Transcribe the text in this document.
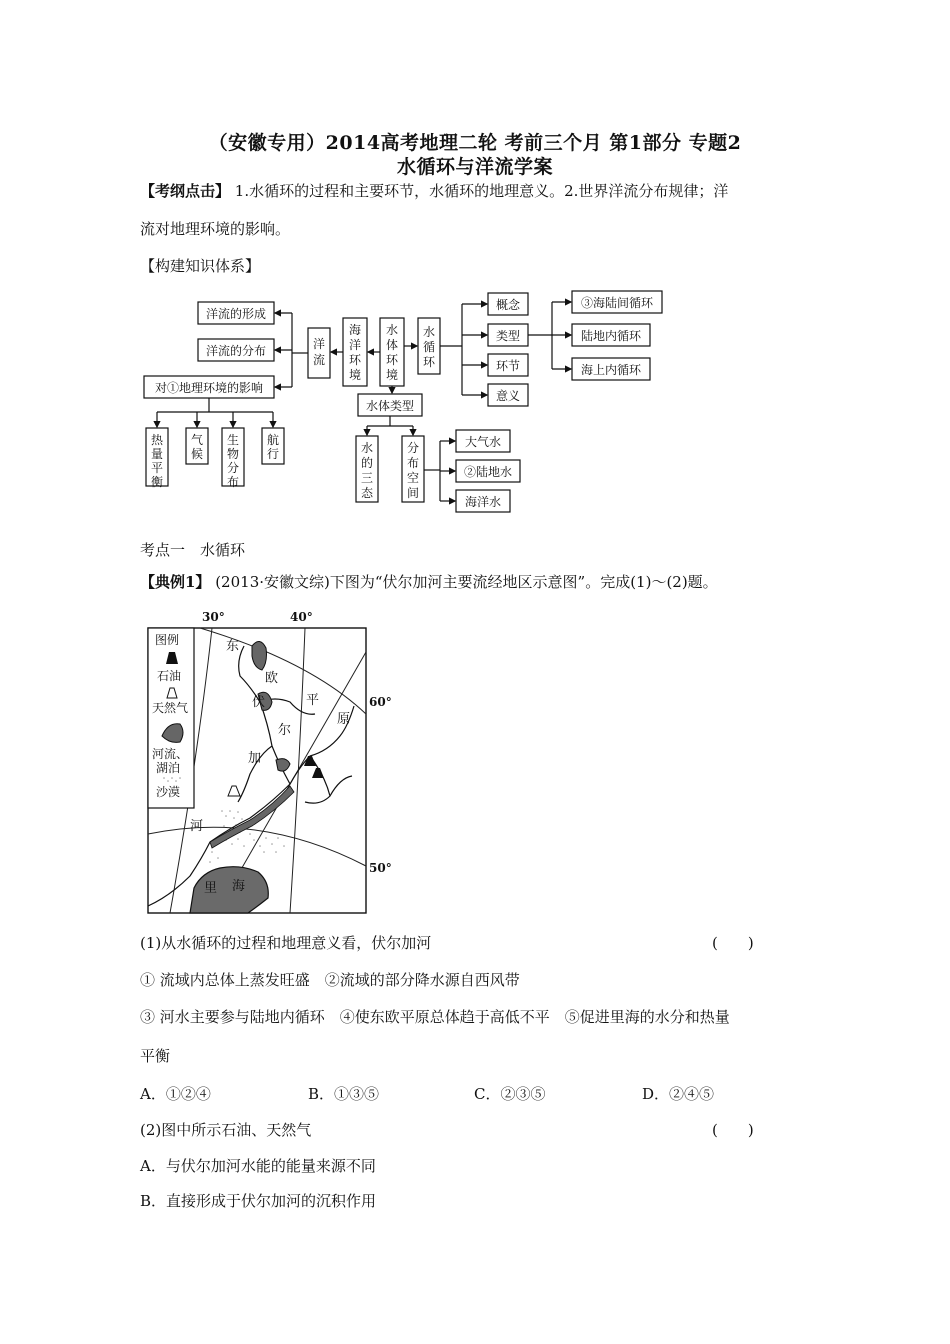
（安徽专用）2014高考地理二轮 考前三个月 第1部分 专题2
水循环与洋流学案
【考纲点击】 1.水循环的过程和主要环节，水循环的地理意义。2.世界洋流分布规律；洋
流对地理环境的影响。
【构建知识体系】
洋流的形成
洋流的分布
对①地理环境的影响
洋
流
海
洋
环
境
水
体
环
境
水
循
环
概念
类型
环节
意义
③海陆间循环
陆地内循环
海上内循环
水体类型
水
的
三
态
分
布
空
间
大气水
②陆地水
海洋水
热
量
平
衡
气
候
生
物
分
布
航
行
考点一　水循环
【典例1】 (2013·安徽文综)下图为“伏尔加河主要流经地区示意图”。完成(1)～(2)题。
30°	40°
60°
50°
图例
石油
天然气
河流、
湖泊
沙漠
东
欧
伏	平
原
尔
加
河
里 海
(1)从水循环的过程和地理意义看，伏尔加河	(　　)
① 流域内总体上蒸发旺盛　②流域的部分降水源自西风带
③ 河水主要参与陆地内循环　④使东欧平原总体趋于高低不平　⑤促进里海的水分和热量
平衡
A．①②④	B．①③⑤	C．②③⑤	D．②④⑤
(2)图中所示石油、天然气	(　　)
A．与伏尔加河水能的能量来源不同
B．直接形成于伏尔加河的沉积作用
